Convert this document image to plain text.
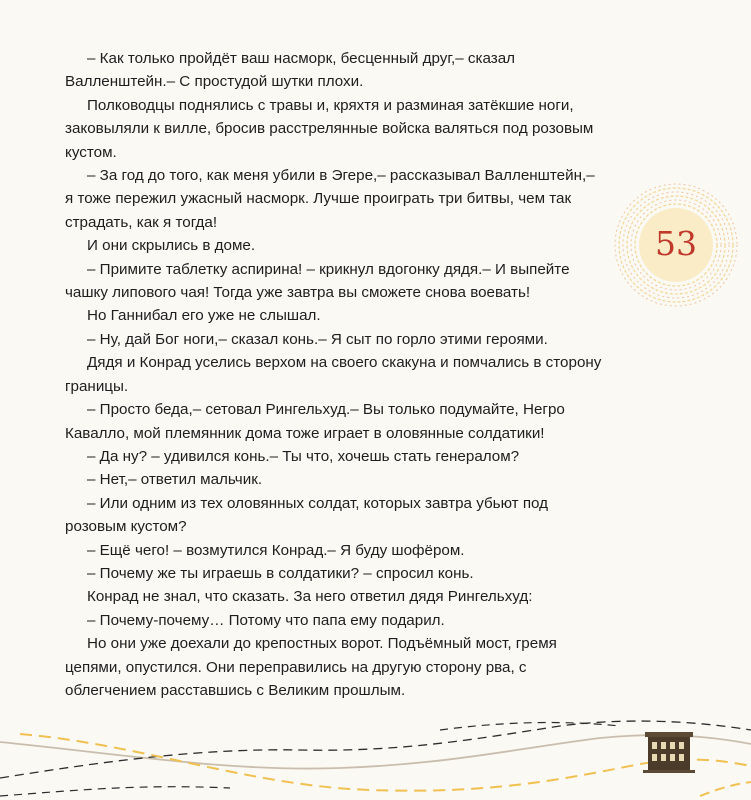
– Как только пройдёт ваш насморк, бесценный друг,– сказал Валленштейн.– С простудой шутки плохи.

Полководцы поднялись с травы и, кряхтя и разминая затёкшие ноги, заковыляли к вилле, бросив расстрелянные войска валяться под розовым кустом.

– За год до того, как меня убили в Эгере,– рассказывал Валленштейн,– я тоже пережил ужасный насморк. Лучше проиграть три битвы, чем так страдать, как я тогда!

И они скрылись в доме.

– Примите таблетку аспирина! – крикнул вдогонку дядя.– И выпейте чашку липового чая! Тогда уже завтра вы сможете снова воевать!

Но Ганнибал его уже не слышал.

– Ну, дай Бог ноги,– сказал конь.– Я сыт по горло этими героями.

Дядя и Конрад уселись верхом на своего скакуна и помчались в сторону границы.

– Просто беда,– сетовал Рингельхуд.– Вы только подумайте, Негро Кавалло, мой племянник дома тоже играет в оловянные солдатики!

– Да ну? – удивился конь.– Ты что, хочешь стать генералом?

– Нет,– ответил мальчик.

– Или одним из тех оловянных солдат, которых завтра убьют под розовым кустом?

– Ещё чего! – возмутился Конрад.– Я буду шофёром.

– Почему же ты играешь в солдатики? – спросил конь.

Конрад не знал, что сказать. За него ответил дядя Рингельхуд:

– Почему-почему… Потому что папа ему подарил.

Но они уже доехали до крепостных ворот. Подъёмный мост, гремя цепями, опустился. Они переправились на другую сторону рва, с облегчением расставшись с Великим прошлым.

53
